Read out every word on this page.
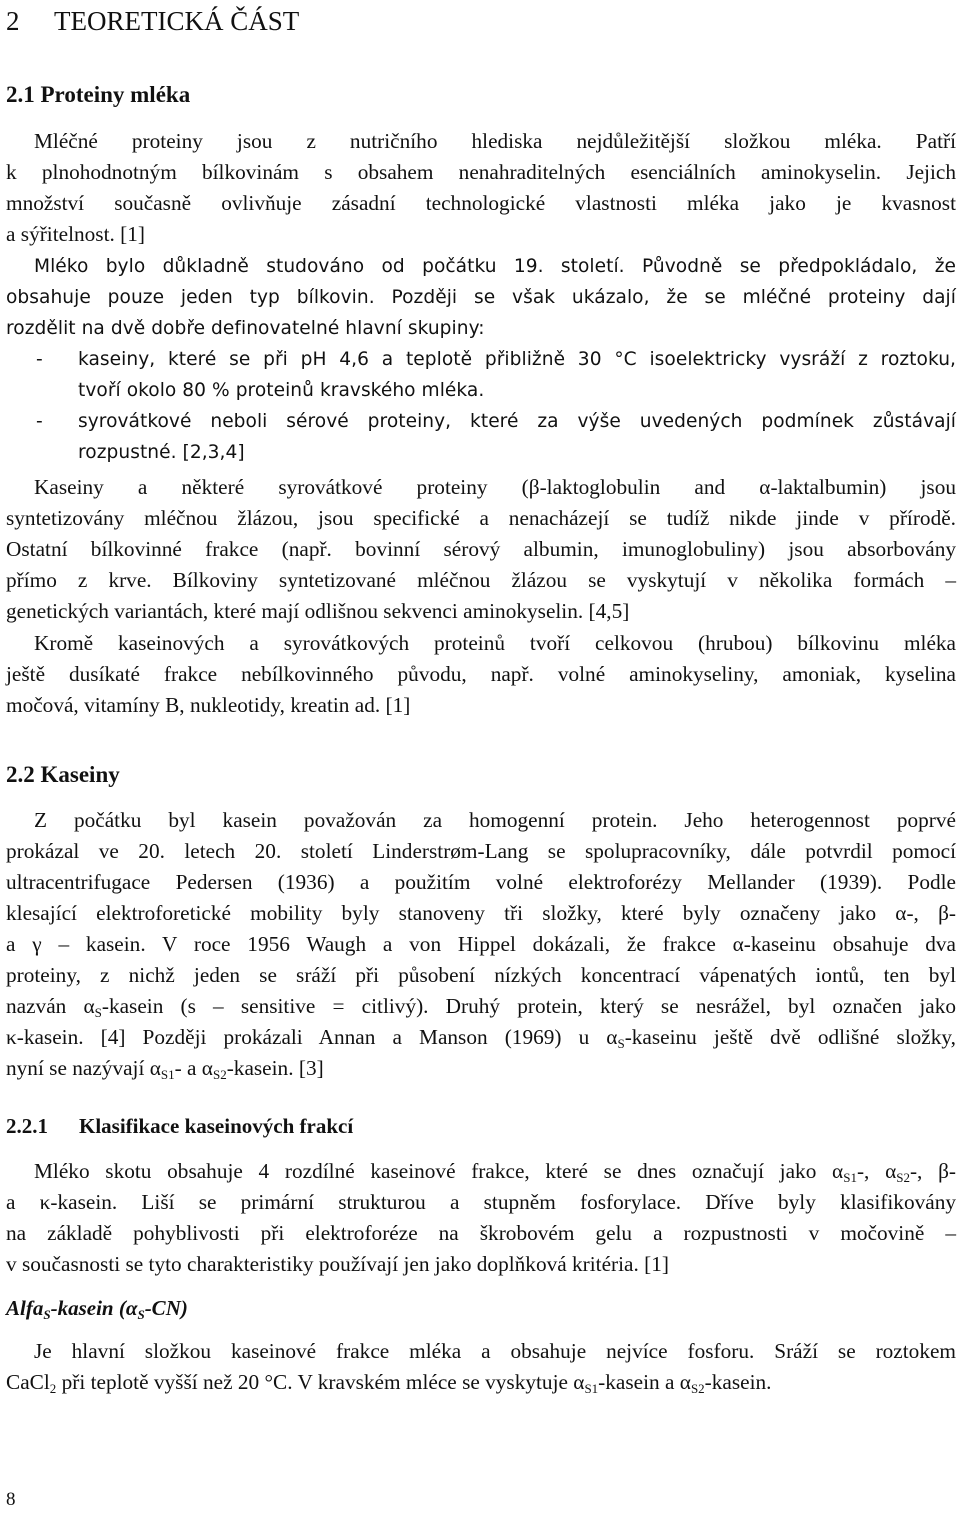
2 TEORETICKÁ ČÁST
2.1 Proteiny mléka
Mléčné proteiny jsou z nutričního hlediska nejdůležitější složkou mléka. Patří
k plnohodnotným bílkovinám s obsahem nenahraditelných esenciálních aminokyselin. Jejich
množství současně ovlivňuje zásadní technologické vlastnosti mléka jako je kvasnost
a sýřitelnost. [1]
Mléko bylo důkladně studováno od počátku 19. století. Původně se předpokládalo, že
obsahuje pouze jeden typ bílkovin. Později se však ukázalo, že se mléčné proteiny dají
rozdělit na dvě dobře definovatelné hlavní skupiny:
- kaseiny, které se při pH 4,6 a teplotě přibližně 30 °C isoelektricky vysráží z roztoku,
tvoří okolo 80 % proteinů kravského mléka.
- syrovátkové neboli sérové proteiny, které za výše uvedených podmínek zůstávají
rozpustné. [2,3,4]
Kaseiny a některé syrovátkové proteiny (β-laktoglobulin and α-laktalbumin) jsou
syntetizovány mléčnou žlázou, jsou specifické a nenacházejí se tudíž nikde jinde v přírodě.
Ostatní bílkovinné frakce (např. bovinní sérový albumin, imunoglobuliny) jsou absorbovány
přímo z krve. Bílkoviny syntetizované mléčnou žlázou se vyskytují v několika formách –
genetických variantách, které mají odlišnou sekvenci aminokyselin. [4,5]
Kromě kaseinových a syrovátkových proteinů tvoří celkovou (hrubou) bílkovinu mléka
ještě dusíkaté frakce nebílkovinného původu, např. volné aminokyseliny, amoniak, kyselina
močová, vitamíny B, nukleotidy, kreatin ad. [1]
2.2 Kaseiny
Z počátku byl kasein považován za homogenní protein. Jeho heterogennost poprvé
prokázal ve 20. letech 20. století Linderstrøm-Lang se spolupracovníky, dále potvrdil pomocí
ultracentrifugace Pedersen (1936) a použitím volné elektroforézy Mellander (1939). Podle
klesající elektroforetické mobility byly stanoveny tři složky, které byly označeny jako α-, β-
a γ – kasein. V roce 1956 Waugh a von Hippel dokázali, že frakce α-kaseinu obsahuje dva
proteiny, z nichž jeden se sráží při působení nízkých koncentrací vápenatých iontů, ten byl
nazván $\alpha_S$-kasein (s – sensitive = citlivý). Druhý protein, který se nesrážel, byl označen jako
κ-kasein. [4] Později prokázali Annan a Manson (1969) u $\alpha_S$-kaseinu ještě dvě odlišné složky,
nyní se nazývají $\alpha_{S1}-$ a $\alpha_{S2}$-kasein. [3]
2.2.1 Klasifikace kaseinových frakcí
Mléko skotu obsahuje 4 rozdílné kaseinové frakce, které se dnes označují jako $\alpha_{S1}-$, $\alpha_{S2}-$, β-
a κ-kasein. Liší se primární strukturou a stupněm fosforylace. Dříve byly klasifikovány
na základě pohyblivosti při elektroforéze na škrobovém gelu a rozpustnosti v močovině –
v současnosti se tyto charakteristiky používají jen jako doplňková kritéria. [1]
Alfa$_S$-kasein $(\alpha_S-CN)$
Je hlavní složkou kaseinové frakce mléka a obsahuje nejvíce fosforu. Sráží se roztokem
CaCl$_2$ při teplotě vyšší než 20 °C. V kravském mléce se vyskytuje $\alpha_{S1}$-kasein a $\alpha_{S2}$-kasein.
8
